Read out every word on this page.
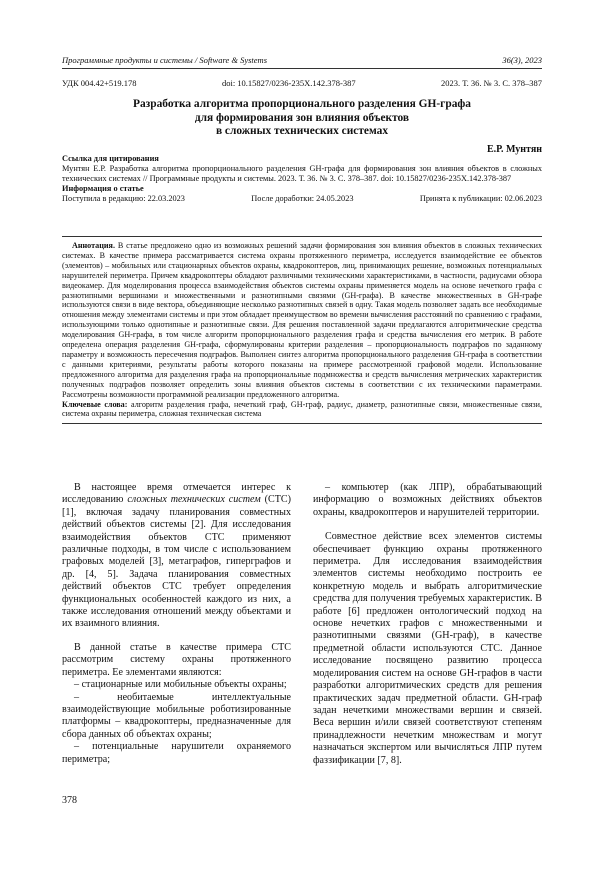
Программные продукты и системы / Software & Systems	36(3), 2023
УДК 004.42+519.178	doi: 10.15827/0236-235X.142.378-387	2023. Т. 36. № 3. С. 378–387
Разработка алгоритма пропорционального разделения GH-графа
для формирования зон влияния объектов
в сложных технических системах
Е.Р. Мунтян
Ссылка для цитирования
Мунтян Е.Р. Разработка алгоритма пропорционального разделения GH-графа для формирования зон влияния объектов в сложных технических системах // Программные продукты и системы. 2023. Т. 36. № 3. С. 378–387. doi: 10.15827/0236-235X.142.378-387
Информация о статье
Поступила в редакцию: 22.03.2023	После доработки: 24.05.2023	Принята к публикации: 02.06.2023

Аннотация. В статье предложено одно из возможных решений задачи формирования зон влияния объектов в сложных технических системах. В качестве примера рассматривается система охраны протяженного периметра, исследуется взаимодействие ее объектов (элементов) – мобильных или стационарных объектов охраны, квадрокоптеров, лиц, принимающих решение, возможных потенциальных нарушителей периметра. Причем квадрокоптеры обладают различными техническими характеристиками, в частности, радиусами обзора видеокамер. Для моделирования процесса взаимодействия объектов системы охраны применяется модель на основе нечеткого графа с разнотипными вершинами и множественными и разнотипными связями (GH-графа). В качестве множественных в GH-графе используются связи в виде вектора, объединяющие несколько разнотипных связей в одну. Такая модель позволяет задать все необходимые отношения между элементами системы и при этом обладает преимуществом во времени вычисления расстояний по сравнению с графами, использующими только однотипные и разнотипные связи. Для решения поставленной задачи предлагаются алгоритмические средства моделирования GH-графа, в том числе алгоритм пропорционального разделения графа и средства вычисления его метрик. В работе определена операция разделения GH-графа, сформулированы критерии разделения – пропорциональность подграфов по заданному параметру и возможность пересечения подграфов. Выполнен синтез алгоритма пропорционального разделения GH-графа в соответствии с данными критериями, результаты работы которого показаны на примере рассмотренной графовой модели. Использование предложенного алгоритма для разделения графа на пропорциональные подмножества и средств вычисления метрических характеристик полученных подграфов позволяет определить зоны влияния объектов системы в соответствии с их техническими параметрами. Рассмотрены возможности программной реализации предложенного алгоритма.

Ключевые слова: алгоритм разделения графа, нечеткий граф, GH-граф, радиус, диаметр, разнотипные связи, множественные связи, система охраны периметра, сложная техническая система

В настоящее время отмечается интерес к исследованию сложных технических систем (СТС) [1], включая задачу планирования совместных действий объектов системы [2]. Для исследования взаимодействия объектов СТС применяют различные подходы, в том числе с использованием графовых моделей [3], метаграфов, гиперграфов и др. [4, 5]. Задача планирования совместных действий объектов СТС требует определения функциональных особенностей каждого из них, а также исследования отношений между объектами и их взаимного влияния.

В данной статье в качестве примера СТС рассмотрим систему охраны протяженного периметра. Ее элементами являются:

– стационарные или мобильные объекты охраны;

– необитаемые интеллектуальные взаимодействующие мобильные роботизированные платформы – квадрокоптеры, предназначенные для сбора данных об объектах охраны;

– потенциальные нарушители охраняемого периметра;

– компьютер (как ЛПР), обрабатывающий информацию о возможных действиях объектов охраны, квадрокоптеров и нарушителей территории.

Совместное действие всех элементов системы обеспечивает функцию охраны протяженного периметра. Для исследования взаимодействия элементов системы необходимо построить ее конкретную модель и выбрать алгоритмические средства для получения требуемых характеристик. В работе [6] предложен онтологический подход на основе нечетких графов с множественными и разнотипными связями (GH-граф), в качестве предметной области используются СТС. Данное исследование посвящено развитию процесса моделирования систем на основе GH-графов в части разработки алгоритмических средств для решения практических задач предметной области. GH-граф задан нечеткими множествами вершин и связей. Веса вершин и/или связей соответствуют степеням принадлежности нечетким множествам и могут назначаться экспертом или вычисляться ЛПР путем фаззификации [7, 8].

378
